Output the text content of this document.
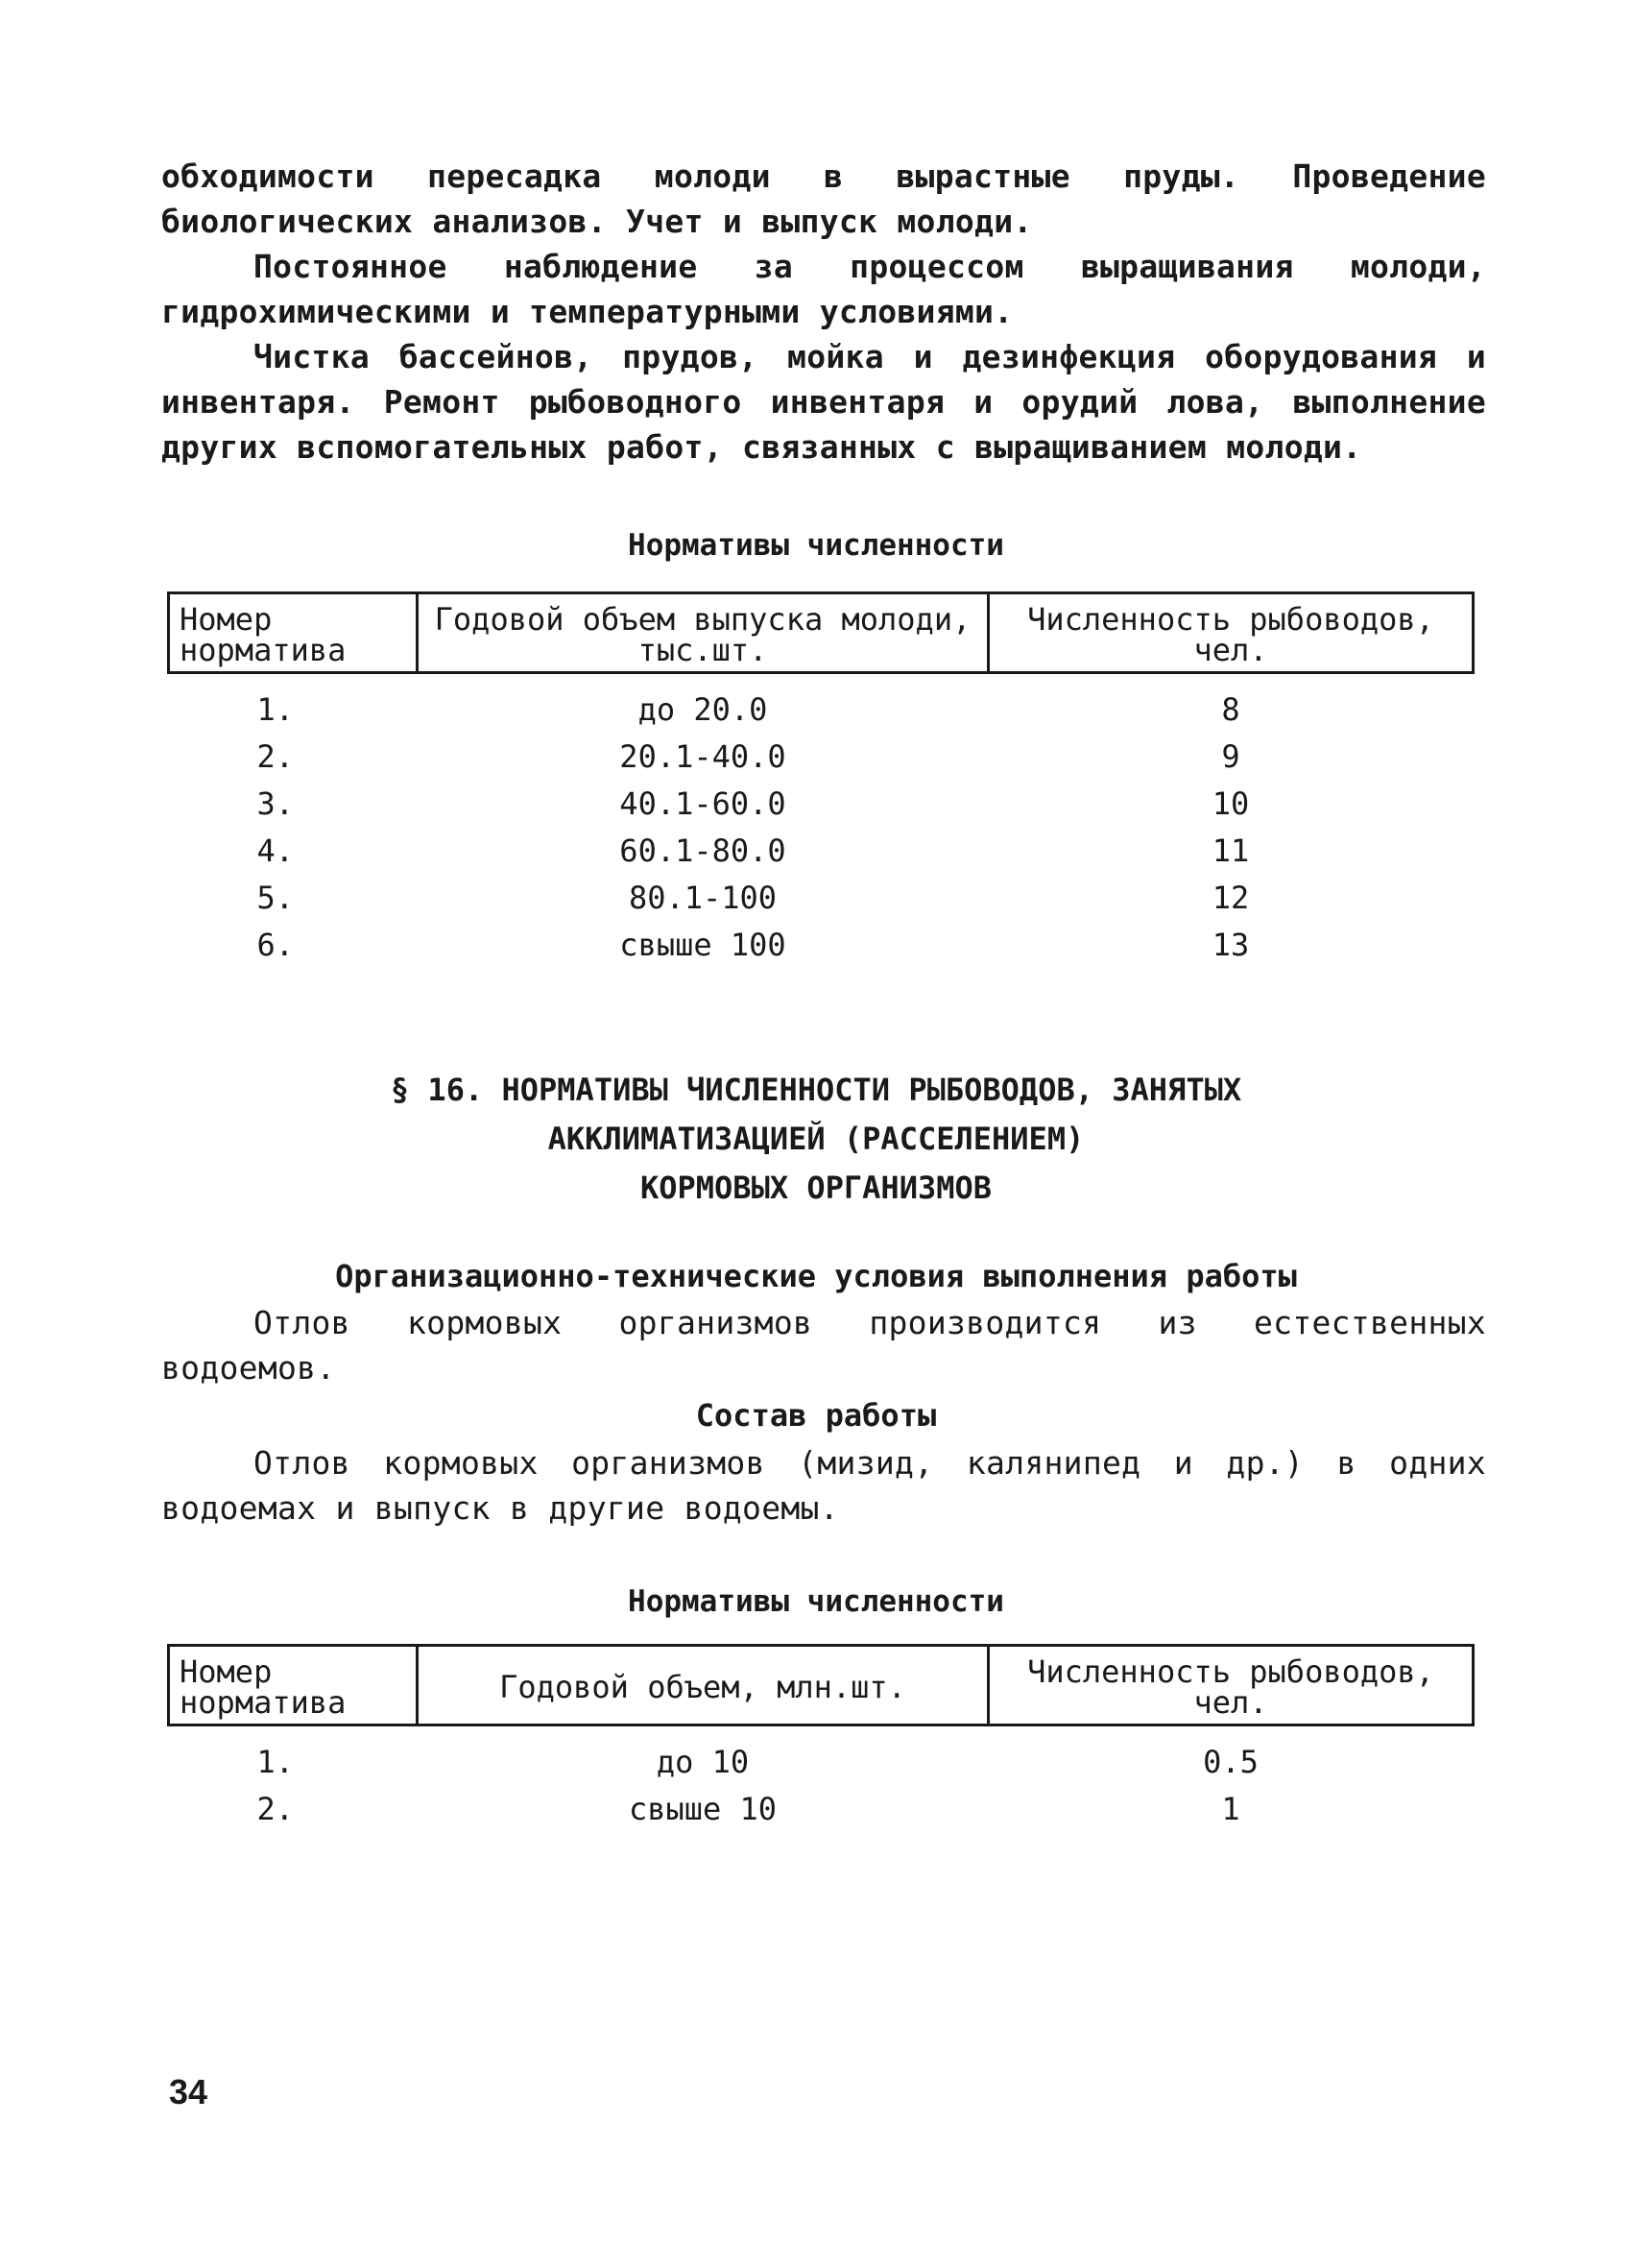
обходимости пересадка молоди в вырастные пруды. Проведение биологических анализов. Учет и выпуск молоди.

Постоянное наблюдение за процессом выращивания молоди, гидрохимическими и температурными условиями.

Чистка бассейнов, прудов, мойка и дезинфекция оборудования и инвентаря. Ремонт рыбоводного инвентаря и орудий лова, выполнение других вспомогательных работ, связанных с выращиванием молоди.

Нормативы численности
Номер норматива	Годовой объем выпуска молоди, тыс.шт.	Численность рыбоводов, чел.
1.	до 20.0	8
2.	20.1-40.0	9
3.	40.1-60.0	10
4.	60.1-80.0	11
5.	80.1-100	12
6.	свыше 100	13
§ 16. НОРМАТИВЫ ЧИСЛЕННОСТИ РЫБОВОДОВ, ЗАНЯТЫХ
АККЛИМАТИЗАЦИЕЙ (РАССЕЛЕНИЕМ)
КОРМОВЫХ ОРГАНИЗМОВ
Организационно-технические условия выполнения работы

Отлов кормовых организмов производится из естественных водоемов.

Состав работы

Отлов кормовых организмов (мизид, калянипед и др.) в одних водоемах и выпуск в другие водоемы.

Нормативы численности
Номер норматива	Годовой объем, млн.шт.	Численность рыбоводов, чел.
1.	до 10	0.5
2.	свыше 10	1
34
